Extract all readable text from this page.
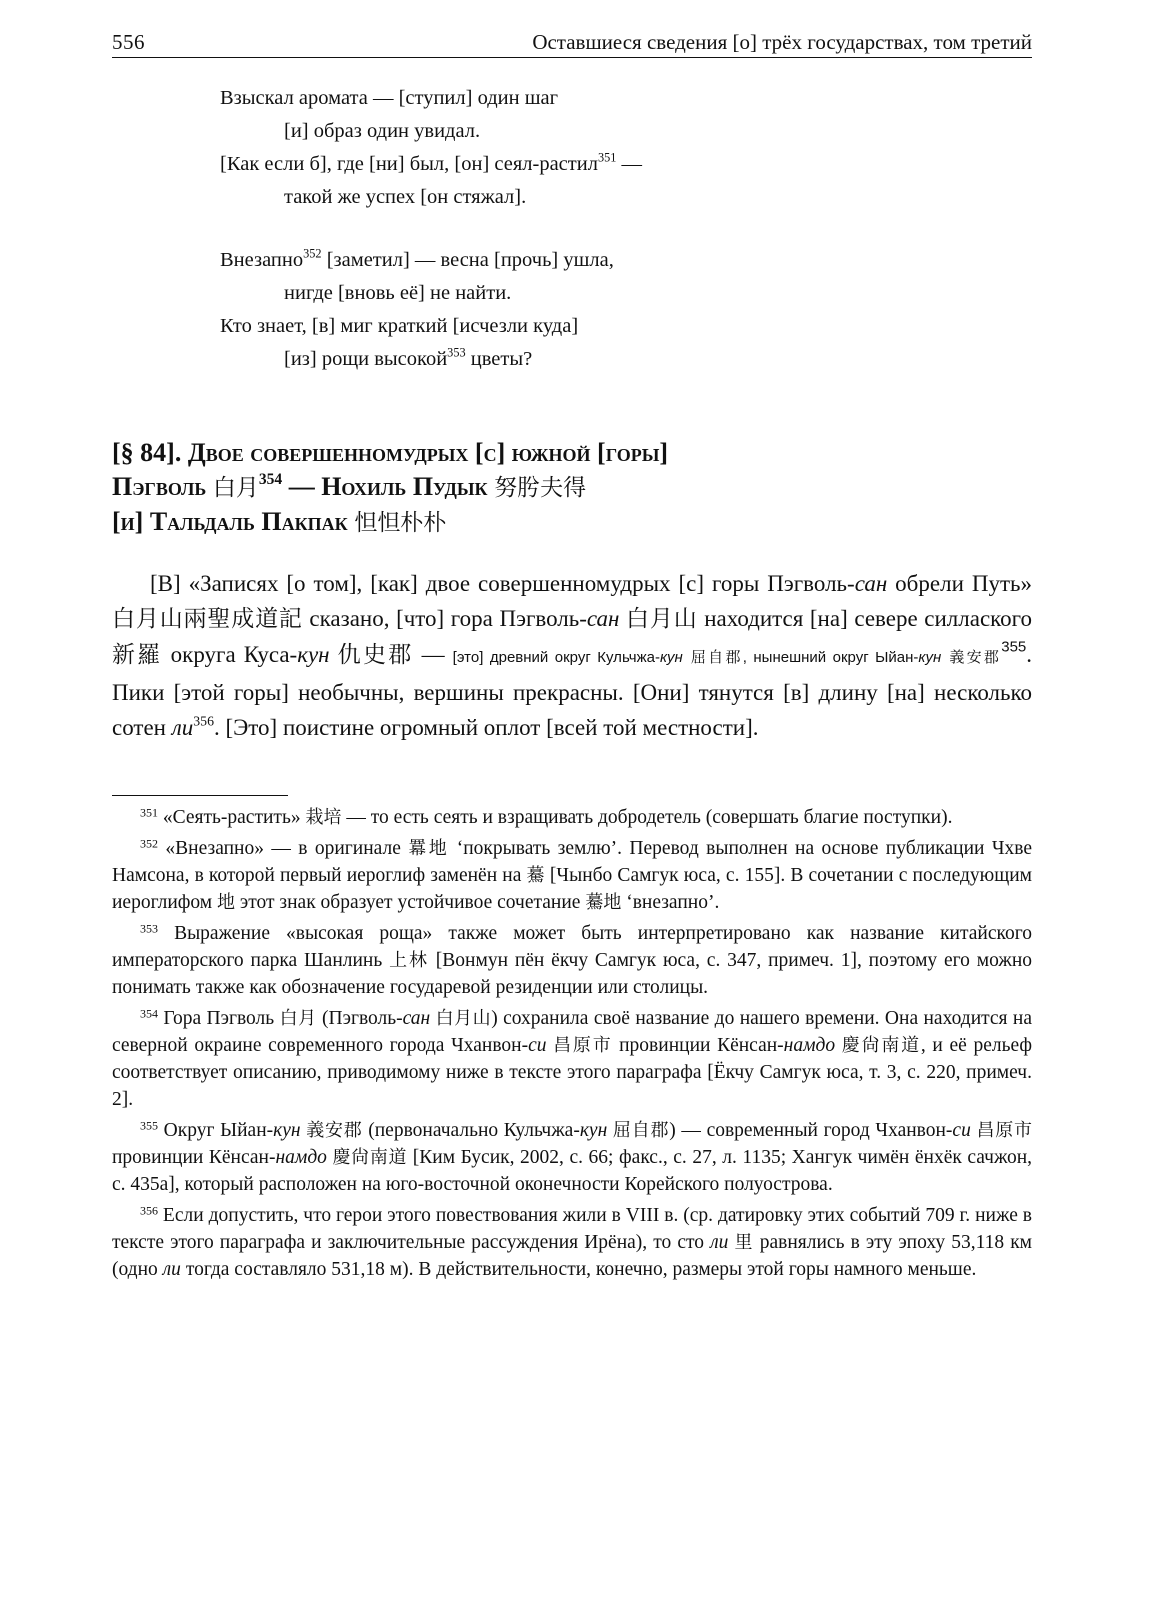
556	Оставшиеся сведения [о] трёх государствах, том третий
Взыскал аромата — [ступил] один шаг
[и] образ один увидал.
[Как если б], где [ни] был, [он] сеял-растил$^{351}$ —
такой же успех [он стяжал].
Внезапно$^{352}$ [заметил] — весна [прочь] ушла,
нигде [вновь её] не найти.
Кто знает, [в] миг краткий [исчезли куда]
[из] рощи высокой$^{353}$ цветы?
[§ 84]. Двое совершенномудрых [с] южной [горы]
Пэгволь 白月$^{354}$ — Нохиль Пудык 努肹夫得
[и] Тальдаль Пакпак 怛怛朴朴

[В] «Записях [о том], [как] двое совершенномудрых [с] горы Пэгволь-сан обрели Путь» 白月山兩聖成道記 сказано, [что] гора Пэгволь-сан 白月山 находится [на] севере силлаского 新羅 округа Куса-кун 仇史郡 — [это] древний округ Кульчжа-кун 屈自郡, нынешний округ Ыйан-кун 義安郡$^{355}$. Пики [этой горы] необычны, вершины прекрасны. [Они] тянутся [в] длину [на] несколько сотен $ли^{356}$. [Это] поистине огромный оплот [всей той местности].

$^{351}$ «Сеять-растить» 栽培 — то есть сеять и взращивать добродетель (совершать благие поступки).

$^{352}$ «Внезапно» — в оригинале 羃地 ‘покрывать землю’. Перевод выполнен на основе публикации Чхве Намсона, в которой первый иероглиф заменён на 驀 [Чынбо Самгук юса, с. 155]. В сочетании с последующим иероглифом 地 этот знак образует устойчивое сочетание 驀地 ‘внезапно’.

$^{353}$ Выражение «высокая роща» также может быть интерпретировано как название китайского императорского парка Шанлинь 上林 [Вонмун пён ёкчу Самгук юса, с. 347, примеч. 1], поэтому его можно понимать также как обозначение государевой резиденции или столицы.

$^{354}$ Гора Пэгволь 白月 (Пэгволь-сан 白月山) сохранила своё название до нашего времени. Она находится на северной окраине современного города Чханвон-си 昌原市 провинции Кёнсан-намдо 慶尙南道, и её рельеф соответствует описанию, приводимому ниже в тексте этого параграфа [Ёкчу Самгук юса, т. 3, с. 220, примеч. 2].

$^{355}$ Округ Ыйан-кун 義安郡 (первоначально Кульчжа-кун 屈自郡) — современный город Чханвон-си 昌原市 провинции Кёнсан-намдо 慶尙南道 [Ким Бусик, 2002, с. 66; факс., с. 27, л. 1135; Хангук чимён ёнхёк сачжон, с. 435а], который расположен на юго-восточной оконечности Корейского полуострова.

$^{356}$ Если допустить, что герои этого повествования жили в VIII в. (ср. датировку этих событий 709 г. ниже в тексте этого параграфа и заключительные рассуждения Ирёна), то сто ли 里 равнялись в эту эпоху 53,118 км (одно ли тогда составляло 531,18 м). В действительности, конечно, размеры этой горы намного меньше.
